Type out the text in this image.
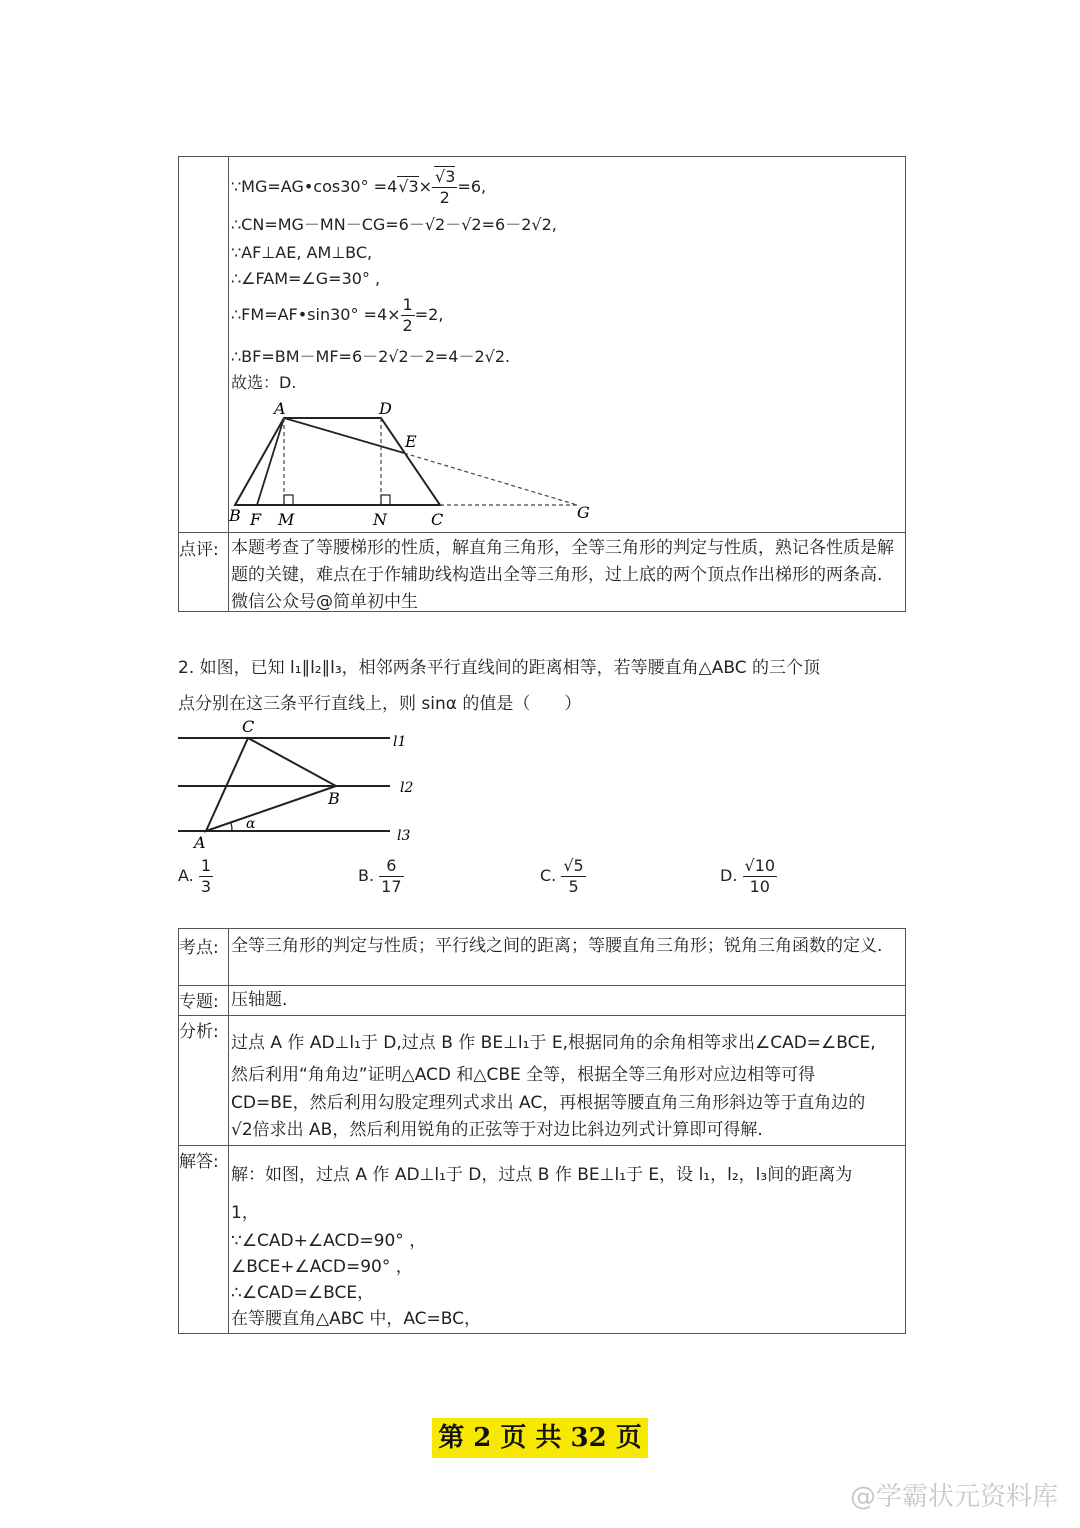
∵MG=AG•cos30° $=4√3\times \frac{√3}{2} =6$,
∴CN=MG－MN－CG=6－√2－√2=6－2√2,
∵AF⊥AE, AM⊥BC,
∴∠FAM=∠G=30° ,
∴FM=AF•sin30° $=4\times \frac{1}{2} =2$,
∴BF=BM－MF=6－2√2－2=4－2√2.
故选：D.
A	D
E
B F M	N	C	G
点评: 本题考查了等腰梯形的性质，解直角三角形，全等三角形的判定与性质，熟记各性质是解题的关键，难点在于作辅助线构造出全等三角形，过上底的两个顶点作出梯形的两条高. 微信公众号@简单初中生
2. 如图，已知 l₁∥l₂∥l₃，相邻两条平行直线间的距离相等，若等腰直角△ABC 的三个顶
点分别在这三条平行直线上，则 sinα 的值是（　　）
C
l1
l2
B
A
α
l3
A. $\frac{1}{3}$	B. $\frac{6}{17}$	C. $\frac{√5}{5}$	D. $\frac{√10}{10}$
考点: 全等三角形的判定与性质；平行线之间的距离；等腰直角三角形；锐角三角函数的定义.
专题: 压轴题.
分析:
过点 A 作 AD⊥l₁于 D,过点 B 作 BE⊥l₁于 E,根据同角的余角相等求出∠CAD=∠BCE,
然后利用“角角边”证明△ACD 和△CBE 全等，根据全等三角形对应边相等可得
CD=BE，然后利用勾股定理列式求出 AC，再根据等腰直角三角形斜边等于直角边的
√2倍求出 AB，然后利用锐角的正弦等于对边比斜边列式计算即可得解.
解答:
解：如图，过点 A 作 AD⊥l₁于 D，过点 B 作 BE⊥l₁于 E，设 l₁，l₂，l₃间的距离为
1，
∵∠CAD+∠ACD=90° ，
∠BCE+∠ACD=90° ，
∴∠CAD=∠BCE，
在等腰直角△ABC 中，AC=BC，
第 2 页 共 32 页
@学霸状元资料库
